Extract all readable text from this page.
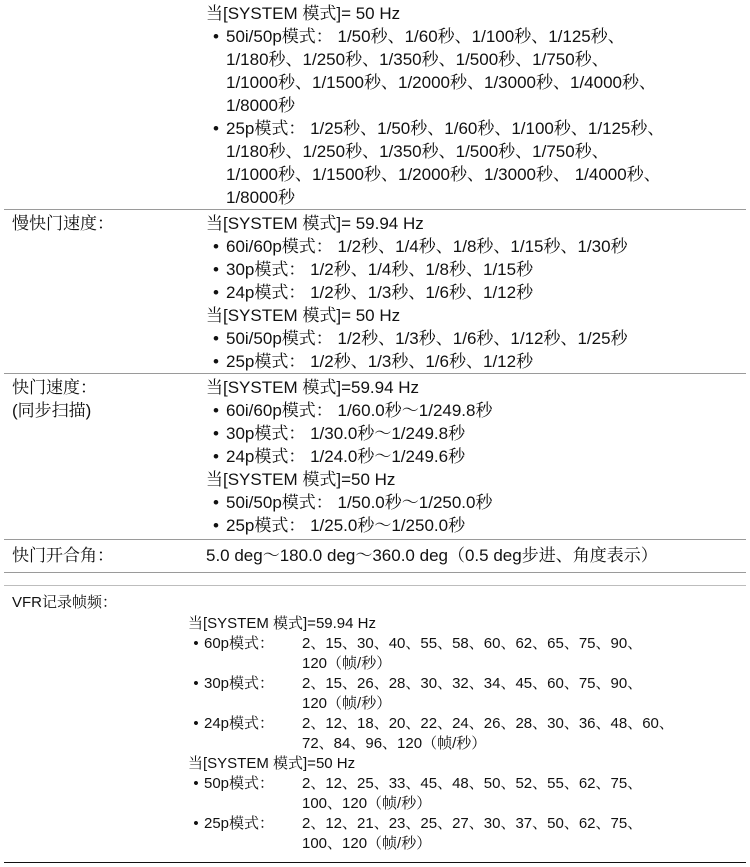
当[SYSTEM 模式]= 50 Hz
• 50i/50p模式： 1/50秒、1/60秒、1/100秒、1/125秒、
1/180秒、1/250秒、1/350秒、1/500秒、1/750秒、
1/1000秒、1/1500秒、1/2000秒、1/3000秒、1/4000秒、
1/8000秒
• 25p模式： 1/25秒、1/50秒、1/60秒、1/100秒、1/125秒、
1/180秒、1/250秒、1/350秒、1/500秒、1/750秒、
1/1000秒、1/1500秒、1/2000秒、1/3000秒、 1/4000秒、
1/8000秒
慢快门速度：	当[SYSTEM 模式]= 59.94 Hz
• 60i/60p模式： 1/2秒、1/4秒、1/8秒、1/15秒、1/30秒
• 30p模式： 1/2秒、1/4秒、1/8秒、1/15秒
• 24p模式： 1/2秒、1/3秒、1/6秒、1/12秒
当[SYSTEM 模式]= 50 Hz
• 50i/50p模式： 1/2秒、1/3秒、1/6秒、1/12秒、1/25秒
• 25p模式： 1/2秒、1/3秒、1/6秒、1/12秒
快门速度：
(同步扫描)
当[SYSTEM 模式]=59.94 Hz
• 60i/60p模式： 1/60.0秒～1/249.8秒
• 30p模式： 1/30.0秒～1/249.8秒
• 24p模式： 1/24.0秒～1/249.6秒
当[SYSTEM 模式]=50 Hz
• 50i/50p模式： 1/50.0秒～1/250.0秒
• 25p模式： 1/25.0秒～1/250.0秒
快门开合角：	5.0 deg～180.0 deg～360.0 deg（0.5 deg步进、角度表示）
VFR记录帧频：
当[SYSTEM 模式]=59.94 Hz
• 60p模式：	2、15、30、40、55、58、60、62、65、75、90、
120（帧/秒）
• 30p模式：	2、15、26、28、30、32、34、45、60、75、90、
120（帧/秒）
• 24p模式：	2、12、18、20、22、24、26、28、30、36、48、60、
72、84、96、120（帧/秒）
当[SYSTEM 模式]=50 Hz
• 50p模式：	2、12、25、33、45、48、50、52、55、62、75、
100、120（帧/秒）
• 25p模式：	2、12、21、23、25、27、30、37、50、62、75、
100、120（帧/秒）
